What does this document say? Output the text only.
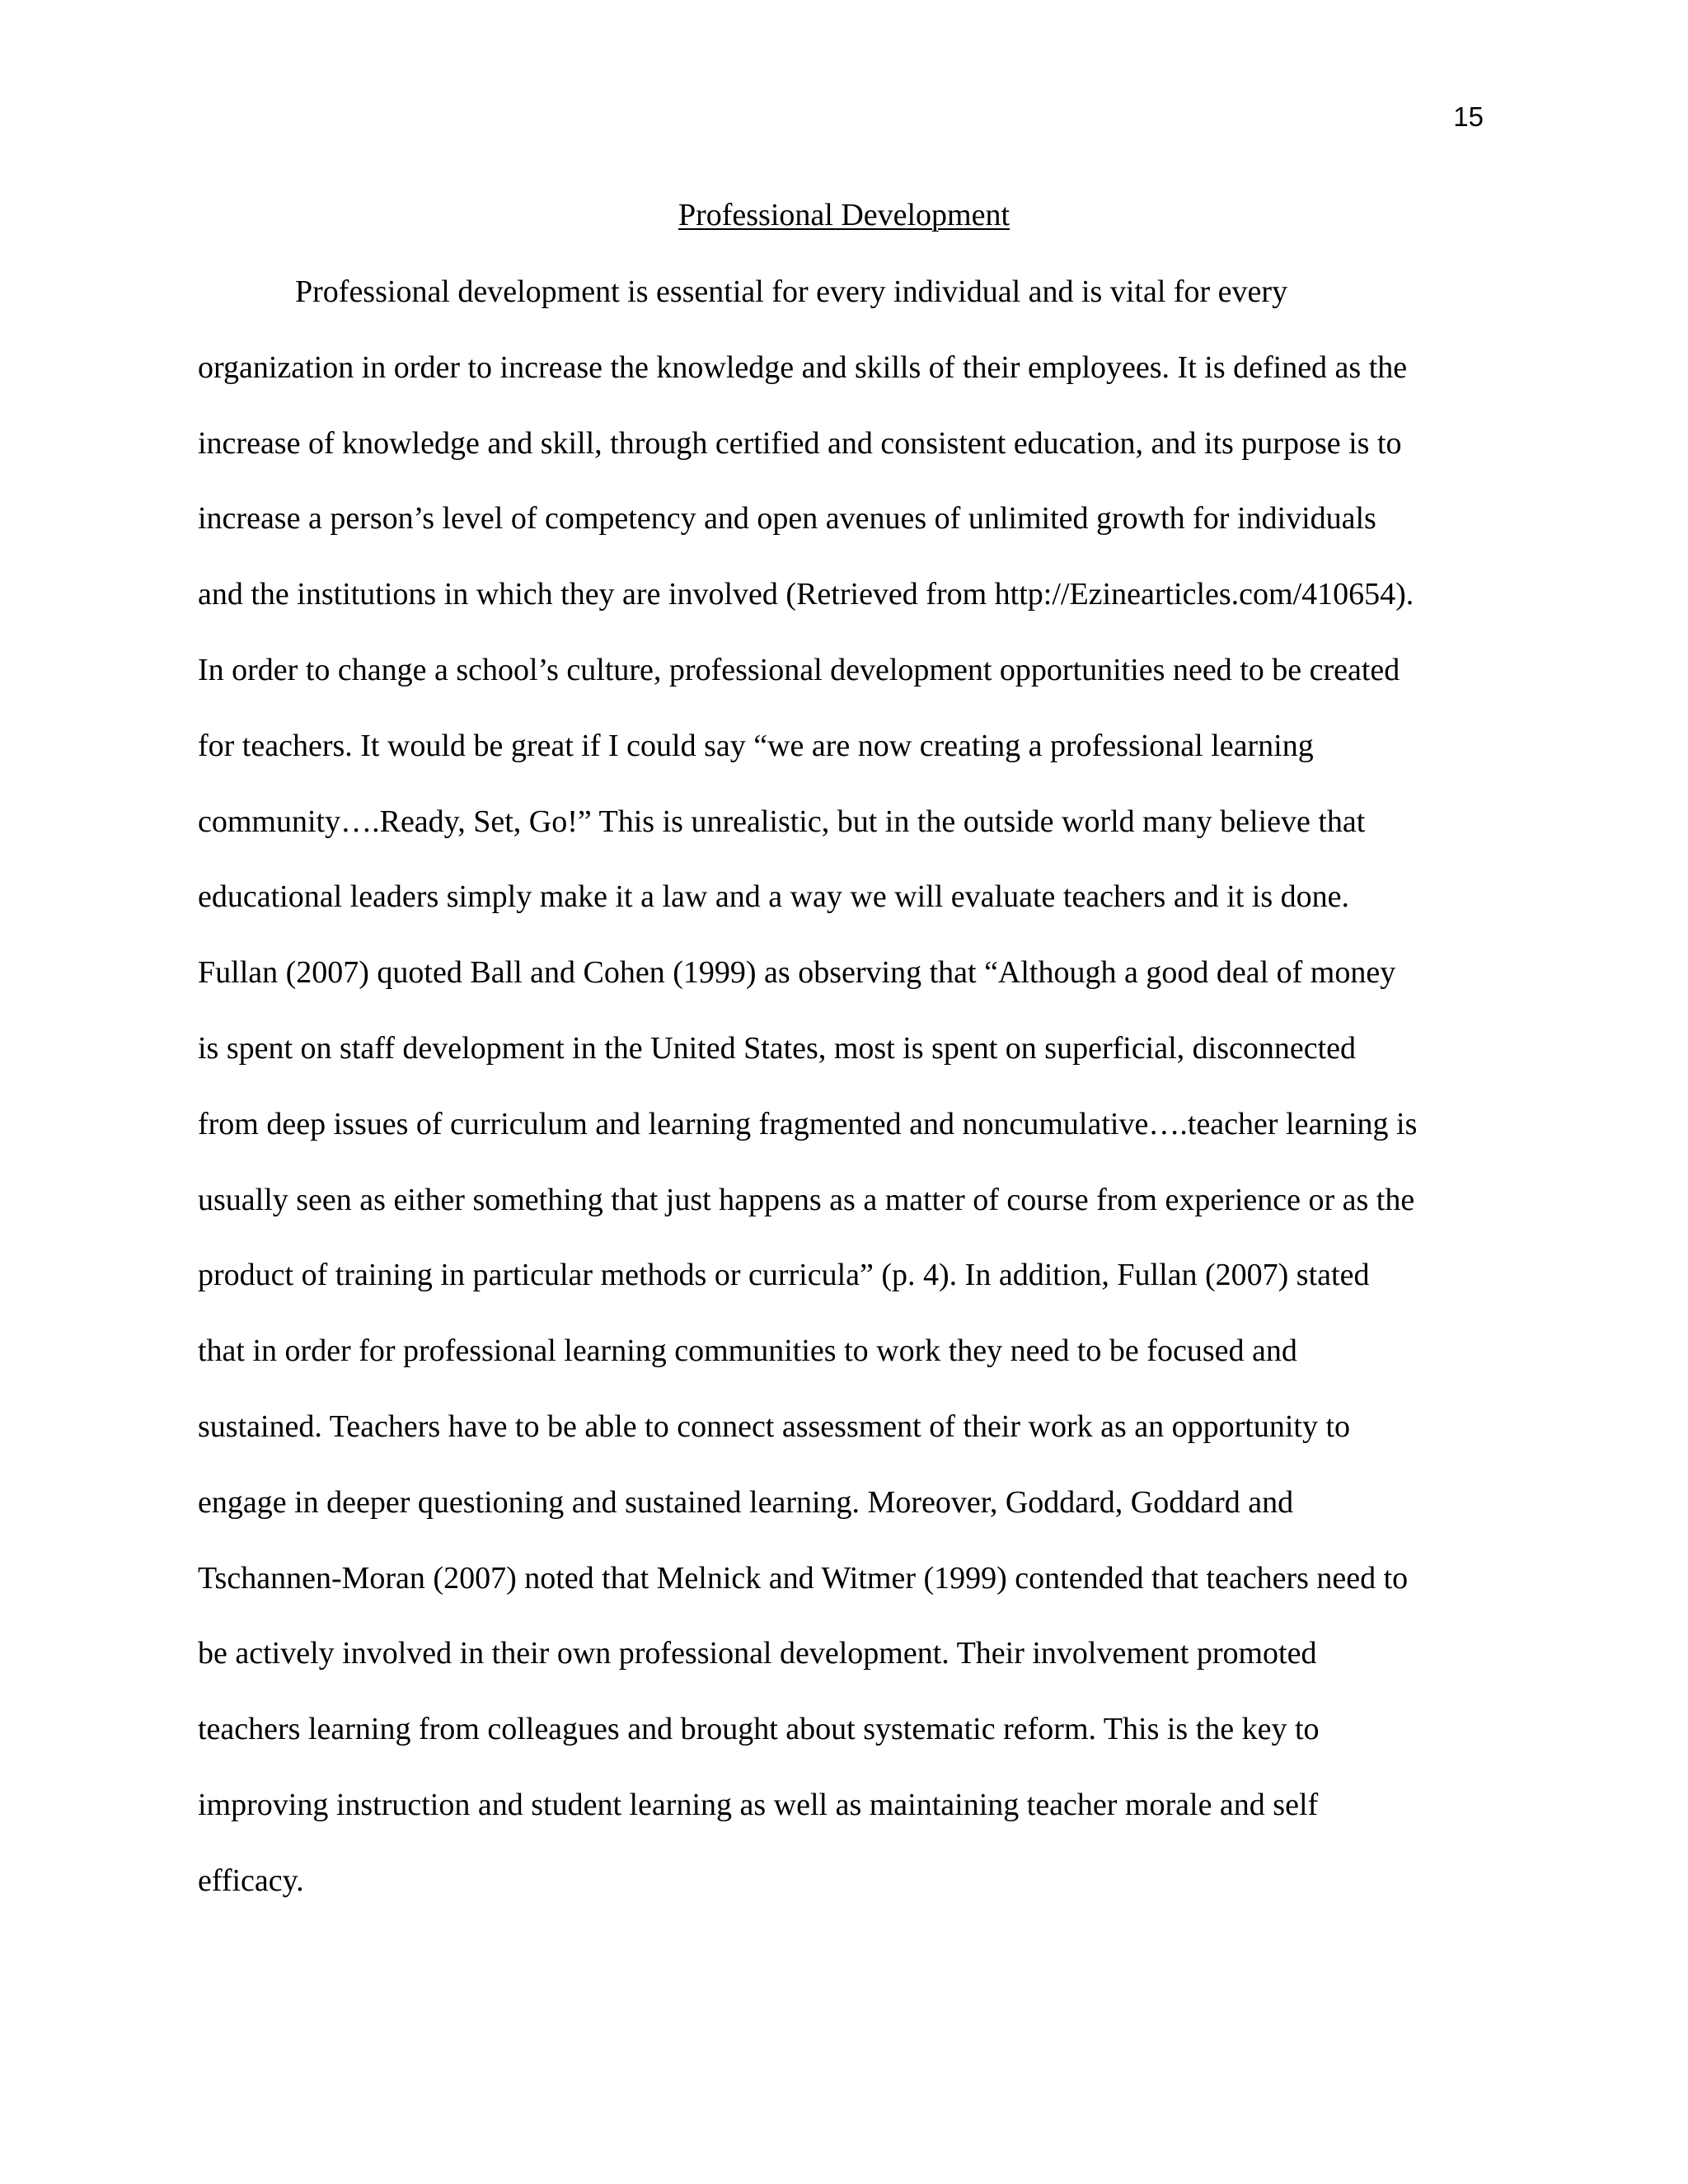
15
Professional Development
Professional development is essential for every individual and is vital for every
organization in order to increase the knowledge and skills of their employees. It is defined as the
increase of knowledge and skill, through certified and consistent education, and its purpose is to
increase a person’s level of competency and open avenues of unlimited growth for individuals
and the institutions in which they are involved (Retrieved from http://Ezinearticles.com/410654).
In order to change a school’s culture, professional development opportunities need to be created
for teachers. It would be great if I could say “we are now creating a professional learning
community….Ready, Set, Go!” This is unrealistic, but in the outside world many believe that
educational leaders simply make it a law and a way we will evaluate teachers and it is done.
Fullan (2007) quoted Ball and Cohen (1999) as observing that “Although a good deal of money
is spent on staff development in the United States, most is spent on superficial, disconnected
from deep issues of curriculum and learning fragmented and noncumulative….teacher learning is
usually seen as either something that just happens as a matter of course from experience or as the
product of training in particular methods or curricula” (p. 4). In addition, Fullan (2007) stated
that in order for professional learning communities to work they need to be focused and
sustained. Teachers have to be able to connect assessment of their work as an opportunity to
engage in deeper questioning and sustained learning. Moreover, Goddard, Goddard and
Tschannen-Moran (2007) noted that Melnick and Witmer (1999) contended that teachers need to
be actively involved in their own professional development. Their involvement promoted
teachers learning from colleagues and brought about systematic reform. This is the key to
improving instruction and student learning as well as maintaining teacher morale and self
efficacy.
